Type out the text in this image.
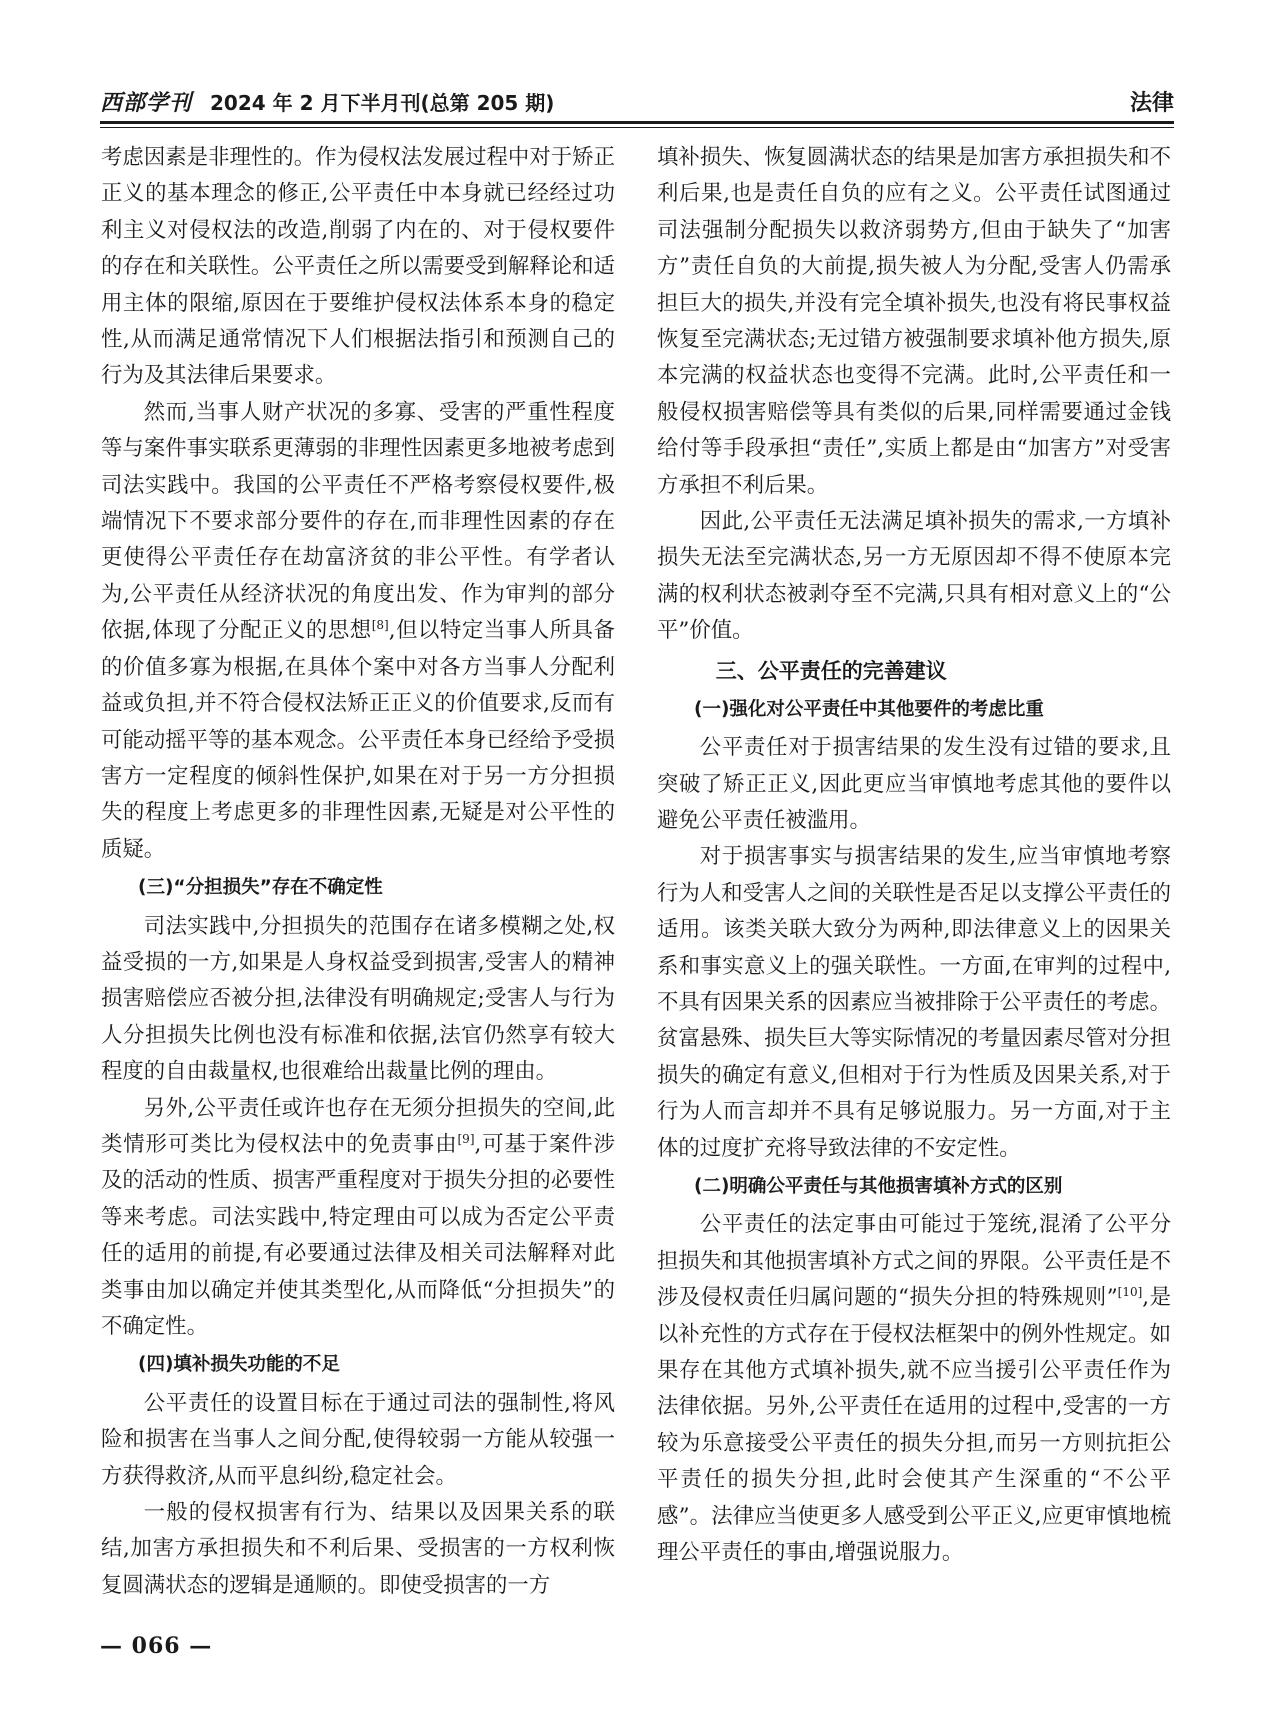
西部学刊 2024 年 2 月下半月刊(总第 205 期)	法律

考虑因素是非理性的。作为侵权法发展过程中对于矫正正义的基本理念的修正,公平责任中本身就已经经过功利主义对侵权法的改造,削弱了内在的、对于侵权要件的存在和关联性。公平责任之所以需要受到解释论和适用主体的限缩,原因在于要维护侵权法体系本身的稳定性,从而满足通常情况下人们根据法指引和预测自己的行为及其法律后果要求。

然而,当事人财产状况的多寡、受害的严重性程度等与案件事实联系更薄弱的非理性因素更多地被考虑到司法实践中。我国的公平责任不严格考察侵权要件,极端情况下不要求部分要件的存在,而非理性因素的存在更使得公平责任存在劫富济贫的非公平性。有学者认为,公平责任从经济状况的角度出发、作为审判的部分依据,体现了分配正义的思想[8],但以特定当事人所具备的价值多寡为根据,在具体个案中对各方当事人分配利益或负担,并不符合侵权法矫正正义的价值要求,反而有可能动摇平等的基本观念。公平责任本身已经给予受损害方一定程度的倾斜性保护,如果在对于另一方分担损失的程度上考虑更多的非理性因素,无疑是对公平性的质疑。

(三)“分担损失”存在不确定性

司法实践中,分担损失的范围存在诸多模糊之处,权益受损的一方,如果是人身权益受到损害,受害人的精神损害赔偿应否被分担,法律没有明确规定;受害人与行为人分担损失比例也没有标准和依据,法官仍然享有较大程度的自由裁量权,也很难给出裁量比例的理由。

另外,公平责任或许也存在无须分担损失的空间,此类情形可类比为侵权法中的免责事由[9],可基于案件涉及的活动的性质、损害严重程度对于损失分担的必要性等来考虑。司法实践中,特定理由可以成为否定公平责任的适用的前提,有必要通过法律及相关司法解释对此类事由加以确定并使其类型化,从而降低“分担损失”的不确定性。

(四)填补损失功能的不足

公平责任的设置目标在于通过司法的强制性,将风险和损害在当事人之间分配,使得较弱一方能从较强一方获得救济,从而平息纠纷,稳定社会。

一般的侵权损害有行为、结果以及因果关系的联结,加害方承担损失和不利后果、受损害的一方权利恢复圆满状态的逻辑是通顺的。即使受损害的一方

填补损失、恢复圆满状态的结果是加害方承担损失和不利后果,也是责任自负的应有之义。公平责任试图通过司法强制分配损失以救济弱势方,但由于缺失了“加害方”责任自负的大前提,损失被人为分配,受害人仍需承担巨大的损失,并没有完全填补损失,也没有将民事权益恢复至完满状态;无过错方被强制要求填补他方损失,原本完满的权益状态也变得不完满。此时,公平责任和一般侵权损害赔偿等具有类似的后果,同样需要通过金钱给付等手段承担“责任”,实质上都是由“加害方”对受害方承担不利后果。

因此,公平责任无法满足填补损失的需求,一方填补损失无法至完满状态,另一方无原因却不得不使原本完满的权利状态被剥夺至不完满,只具有相对意义上的“公平”价值。

三、公平责任的完善建议
(一)强化对公平责任中其他要件的考虑比重

公平责任对于损害结果的发生没有过错的要求,且突破了矫正正义,因此更应当审慎地考虑其他的要件以避免公平责任被滥用。

对于损害事实与损害结果的发生,应当审慎地考察行为人和受害人之间的关联性是否足以支撑公平责任的适用。该类关联大致分为两种,即法律意义上的因果关系和事实意义上的强关联性。一方面,在审判的过程中,不具有因果关系的因素应当被排除于公平责任的考虑。贫富悬殊、损失巨大等实际情况的考量因素尽管对分担损失的确定有意义,但相对于行为性质及因果关系,对于行为人而言却并不具有足够说服力。另一方面,对于主体的过度扩充将导致法律的不安定性。

(二)明确公平责任与其他损害填补方式的区别

公平责任的法定事由可能过于笼统,混淆了公平分担损失和其他损害填补方式之间的界限。公平责任是不涉及侵权责任归属问题的“损失分担的特殊规则”[10],是以补充性的方式存在于侵权法框架中的例外性规定。如果存在其他方式填补损失,就不应当援引公平责任作为法律依据。另外,公平责任在适用的过程中,受害的一方较为乐意接受公平责任的损失分担,而另一方则抗拒公平责任的损失分担,此时会使其产生深重的“不公平感”。法律应当使更多人感受到公平正义,应更审慎地梳理公平责任的事由,增强说服力。

— 066 —
